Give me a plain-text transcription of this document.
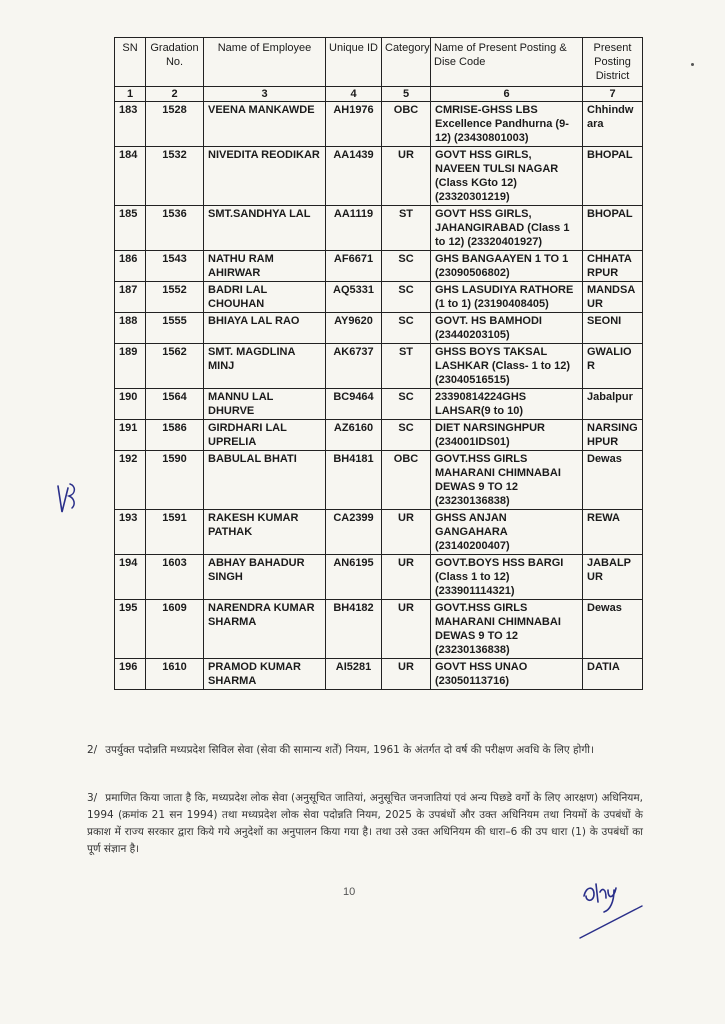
SN	Gradation No.	Name of Employee	Unique ID	Category	Name of Present Posting & Dise Code	Present Posting District
1	2	3	4	5	6	7
183	1528	VEENA MANKAWDE	AH1976	OBC	CMRISE-GHSS LBS Excellence Pandhurna (9-12) (23430801003)	Chhindwara
184	1532	NIVEDITA REODIKAR	AA1439	UR	GOVT HSS GIRLS, NAVEEN TULSI NAGAR (Class KGto 12) (23320301219)	BHOPAL
185	1536	SMT.SANDHYA LAL	AA1119	ST	GOVT HSS GIRLS, JAHANGIRABAD (Class 1 to 12) (23320401927)	BHOPAL
186	1543	NATHU RAM AHIRWAR	AF6671	SC	GHS BANGAAYEN 1 TO 1 (23090506802)	CHHATARPUR
187	1552	BADRI LAL CHOUHAN	AQ5331	SC	GHS LASUDIYA RATHORE (1 to 1) (23190408405)	MANDSAUR
188	1555	BHIAYA LAL RAO	AY9620	SC	GOVT. HS BAMHODI (23440203105)	SEONI
189	1562	SMT. MAGDLINA MINJ	AK6737	ST	GHSS BOYS TAKSAL LASHKAR (Class- 1 to 12) (23040516515)	GWALIOR
190	1564	MANNU LAL DHURVE	BC9464	SC	23390814224GHS LAHSAR(9 to 10)	Jabalpur
191	1586	GIRDHARI LAL UPRELIA	AZ6160	SC	DIET NARSINGHPUR (234001IDS01)	NARSINGHPUR
192	1590	BABULAL BHATI	BH4181	OBC	GOVT.HSS GIRLS MAHARANI CHIMNABAI DEWAS 9 TO 12 (23230136838)	Dewas
193	1591	RAKESH KUMAR PATHAK	CA2399	UR	GHSS ANJAN GANGAHARA (23140200407)	REWA
194	1603	ABHAY BAHADUR SINGH	AN6195	UR	GOVT.BOYS HSS BARGI (Class 1 to 12) (233901114321)	JABALPUR
195	1609	NARENDRA KUMAR SHARMA	BH4182	UR	GOVT.HSS GIRLS MAHARANI CHIMNABAI DEWAS 9 TO 12 (23230136838)	Dewas
196	1610	PRAMOD KUMAR SHARMA	AI5281	UR	GOVT HSS UNAO (23050113716)	DATIA

2/ उपर्युक्त पदोन्नति मध्यप्रदेश सिविल सेवा (सेवा की सामान्य शर्तें) नियम, 1961 के अंतर्गत दो वर्ष की परीक्षण अवधि के लिए होगी।

3/ प्रमाणित किया जाता है कि, मध्यप्रदेश लोक सेवा (अनुसूचित जातियां, अनुसूचित जनजातियां एवं अन्य पिछडे वर्गो के लिए आरक्षण) अधिनियम, 1994 (क्रमांक 21 सन 1994) तथा मध्यप्रदेश लोक सेवा पदोन्नति नियम, 2025 के उपबंधों और उक्त अधिनियम तथा नियमों के उपबंधों के प्रकाश में राज्य सरकार द्वारा किये गये अनुदेशों का अनुपालन किया गया है। तथा उसे उक्त अधिनियम की धारा–6 की उप धारा (1) के उपबंधों का पूर्ण संज्ञान है।

10
